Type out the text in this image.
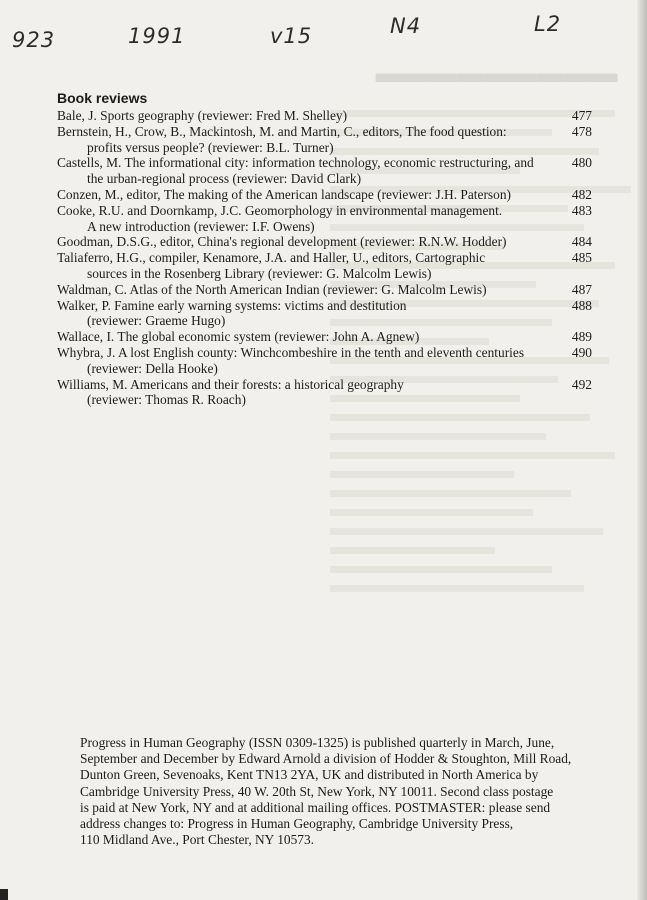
▬▬▬▬▬▬▬▬▬
923	1991	v15	N4	L2
Book reviews
Bale, J. Sports geography (reviewer: Fred M. Shelley)	477
Bernstein, H., Crow, B., Mackintosh, M. and Martin, C., editors, The food question:
profits versus people? (reviewer: B.L. Turner)
478
Castells, M. The informational city: information technology, economic restructuring, and
the urban-regional process (reviewer: David Clark)
480
Conzen, M., editor, The making of the American landscape (reviewer: J.H. Paterson)	482
Cooke, R.U. and Doornkamp, J.C. Geomorphology in environmental management.
A new introduction (reviewer: I.F. Owens)
483
Goodman, D.S.G., editor, China's regional development (reviewer: R.N.W. Hodder)	484
Taliaferro, H.G., compiler, Kenamore, J.A. and Haller, U., editors, Cartographic
sources in the Rosenberg Library (reviewer: G. Malcolm Lewis)
485
Waldman, C. Atlas of the North American Indian (reviewer: G. Malcolm Lewis)	487
Walker, P. Famine early warning systems: victims and destitution
(reviewer: Graeme Hugo)
488
Wallace, I. The global economic system (reviewer: John A. Agnew)	489
Whybra, J. A lost English county: Winchcombeshire in the tenth and eleventh centuries
(reviewer: Della Hooke)
490
Williams, M. Americans and their forests: a historical geography
(reviewer: Thomas R. Roach)
492
Progress in Human Geography (ISSN 0309-1325) is published quarterly in March, June,
September and December by Edward Arnold a division of Hodder & Stoughton, Mill Road,
Dunton Green, Sevenoaks, Kent TN13 2YA, UK and distributed in North America by
Cambridge University Press, 40 W. 20th St, New York, NY 10011. Second class postage
is paid at New York, NY and at additional mailing offices. POSTMASTER: please send
address changes to: Progress in Human Geography, Cambridge University Press,
110 Midland Ave., Port Chester, NY 10573.
